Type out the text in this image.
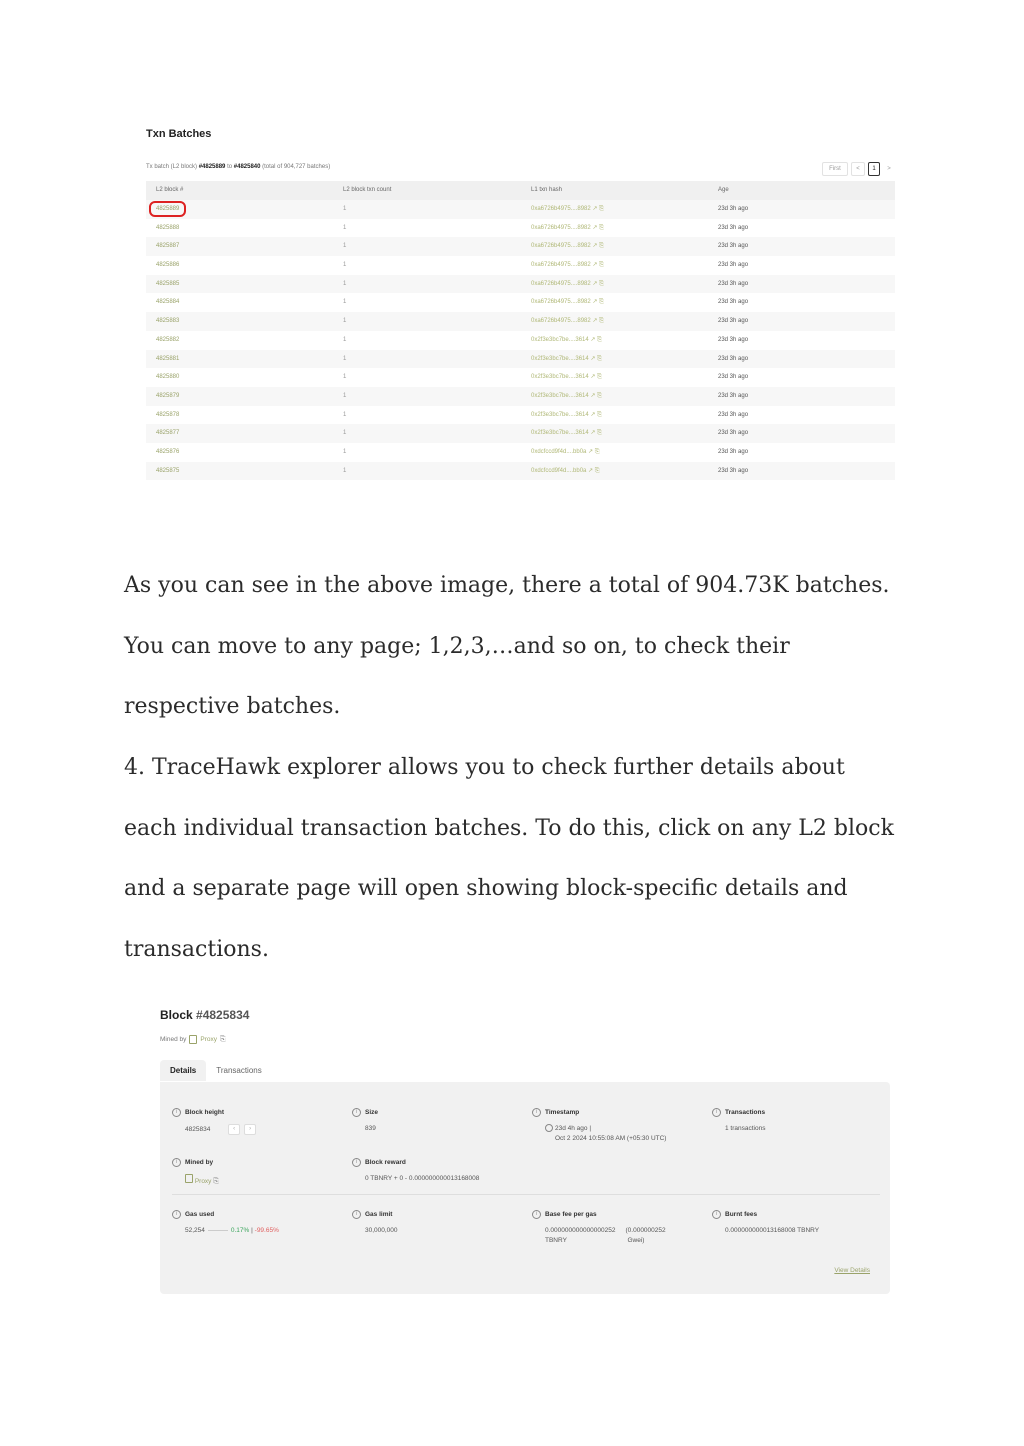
Txn Batches
Tx batch (L2 block) #4825889 to #4825840 (total of 904,727 batches)	First	<	1	>
L2 block #	L2 block txn count	L1 txn hash	Age
4825889	1	0xa6726b4975....8982 ↗ ⎘	23d 3h ago
4825888	1	0xa6726b4975....8982 ↗ ⎘	23d 3h ago
4825887	1	0xa6726b4975....8982 ↗ ⎘	23d 3h ago
4825886	1	0xa6726b4975....8982 ↗ ⎘	23d 3h ago
4825885	1	0xa6726b4975....8982 ↗ ⎘	23d 3h ago
4825884	1	0xa6726b4975....8982 ↗ ⎘	23d 3h ago
4825883	1	0xa6726b4975....8982 ↗ ⎘	23d 3h ago
4825882	1	0x2f3e3bc7be....3614 ↗ ⎘	23d 3h ago
4825881	1	0x2f3e3bc7be....3614 ↗ ⎘	23d 3h ago
4825880	1	0x2f3e3bc7be....3614 ↗ ⎘	23d 3h ago
4825879	1	0x2f3e3bc7be....3614 ↗ ⎘	23d 3h ago
4825878	1	0x2f3e3bc7be....3614 ↗ ⎘	23d 3h ago
4825877	1	0x2f3e3bc7be....3614 ↗ ⎘	23d 3h ago
4825876	1	0xdcfccd9f4d....bb0a ↗ ⎘	23d 3h ago
4825875	1	0xdcfccd9f4d....bb0a ↗ ⎘	23d 3h ago

As you can see in the above image, there a total of 904.73K batches. You can move to any page; 1,2,3,…and so on, to check their respective batches.

4. TraceHawk explorer allows you to check further details about each individual transaction batches. To do this, click on any L2 block and a separate page will open showing block-specific details and transactions.

Block #4825834
Mined by Proxy ⎘
Details	Transactions
i	Block height
4825834	‹ ›
i	Size
839
i	Timestamp
23d 4h ago |
Oct 2 2024 10:55:08 AM (+05:30 UTC)
i	Transactions
1 transactions
i	Mined by
Proxy ⎘
i	Block reward
0 TBNRY + 0 - 0.000000000013168008
i	Gas used
52,254	0.17% | -99.65%
i	Gas limit
30,000,000
i	Base fee per gas
0.000000000000000252
TBNRY
(0.000000252
Gwei)
i	Burnt fees
0.000000000013168008 TBNRY
View Details
